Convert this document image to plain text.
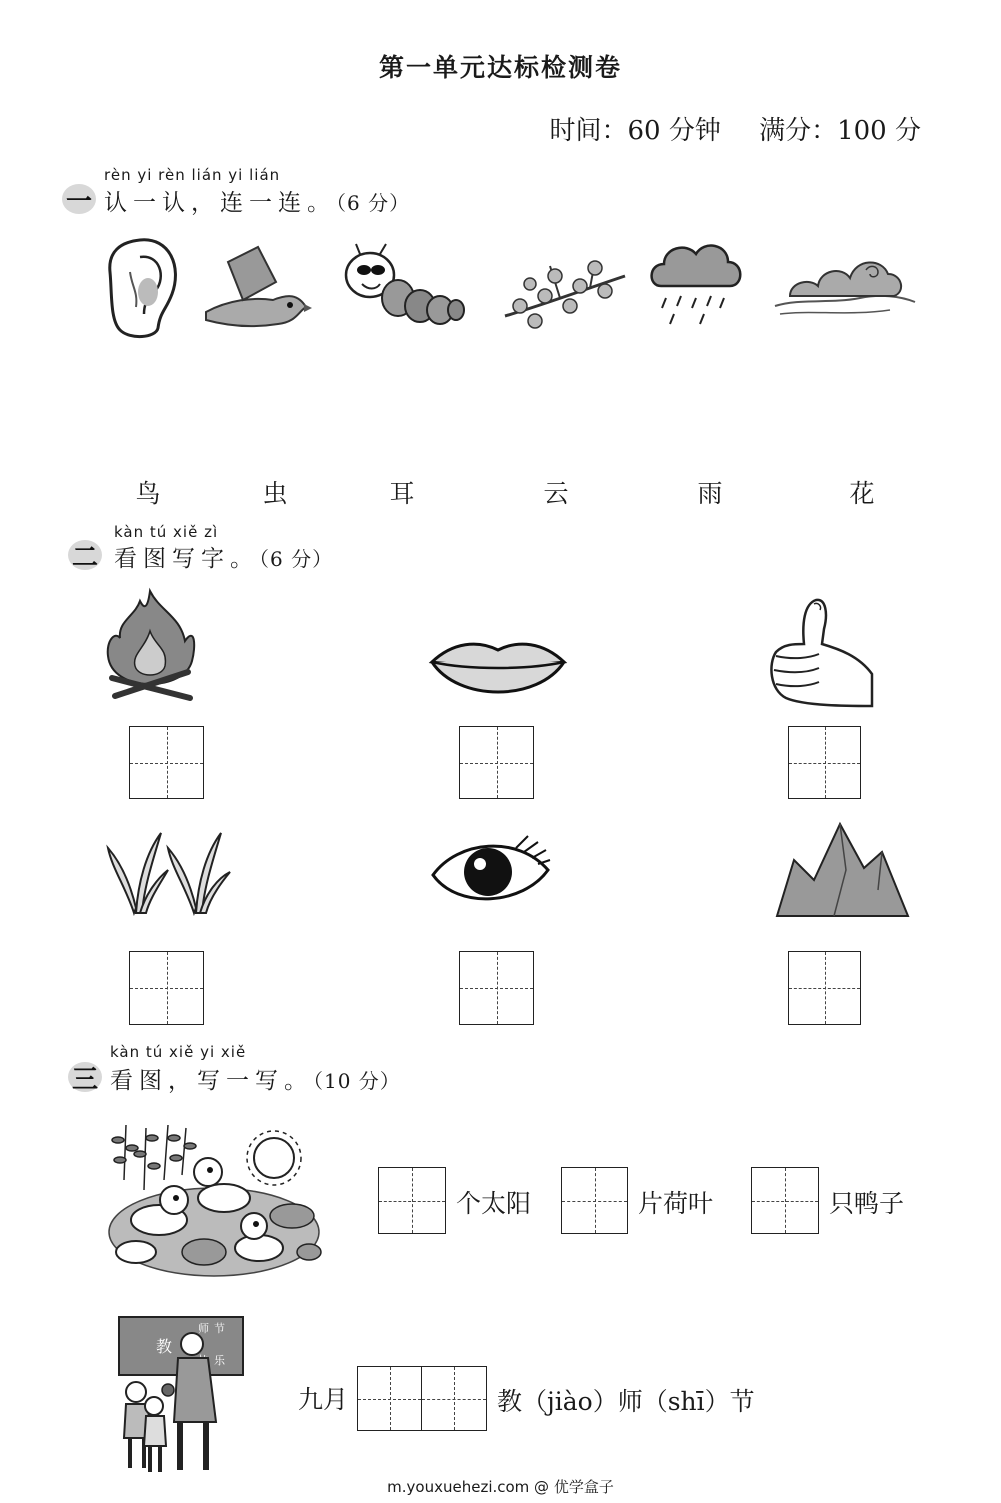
第一单元达标检测卷
时间：60 分钟 满分：100 分
rèn yi rèn lián yi lián
一 认一认，连一连。（6 分）
鸟	虫	耳	云	雨	花
kàn tú xiě zì
二 看图写字。（6 分）
kàn tú xiě yi xiě
三 看图，写一写。（10 分）
个太阳	片荷叶	只鸭子
教
师 节
乐
九月	教（jiào）师（shī）节
m.youxuehezi.com @ 优学盒子
